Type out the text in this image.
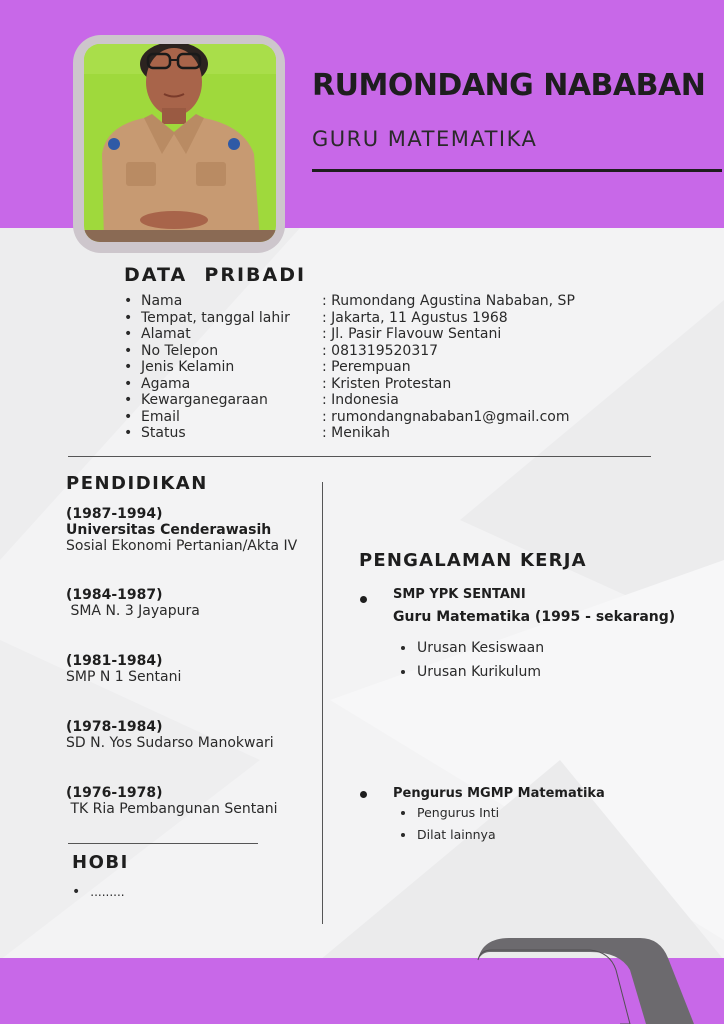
RUMONDANG NABABAN
GURU MATEMATIKA
DATA  PRIBADI
• Nama	: Rumondang Agustina Nababan, SP
• Tempat, tanggal lahir	: Jakarta, 11 Agustus 1968
• Alamat	: Jl. Pasir Flavouw Sentani
• No Telepon	: 081319520317
• Jenis Kelamin	: Perempuan
• Agama	: Kristen Protestan
• Kewarganegaraan	: Indonesia
• Email	: rumondangnababan1@gmail.com
• Status	: Menikah
PENDIDIKAN
(1987-1994)
Universitas Cenderawasih
Sosial Ekonomi Pertanian/Akta IV
(1984-1987)
SMA N. 3 Jayapura
(1981-1984)
SMP N 1 Sentani
(1978-1984)
SD N. Yos Sudarso Manokwari
(1976-1978)
TK Ria Pembangunan Sentani
HOBI
• .........
PENGALAMAN KERJA
SMP YPK SENTANI
Guru Matematika (1995 - sekarang)
Urusan Kesiswaan
Urusan Kurikulum
Pengurus MGMP Matematika
Pengurus Inti
Dilat lainnya
